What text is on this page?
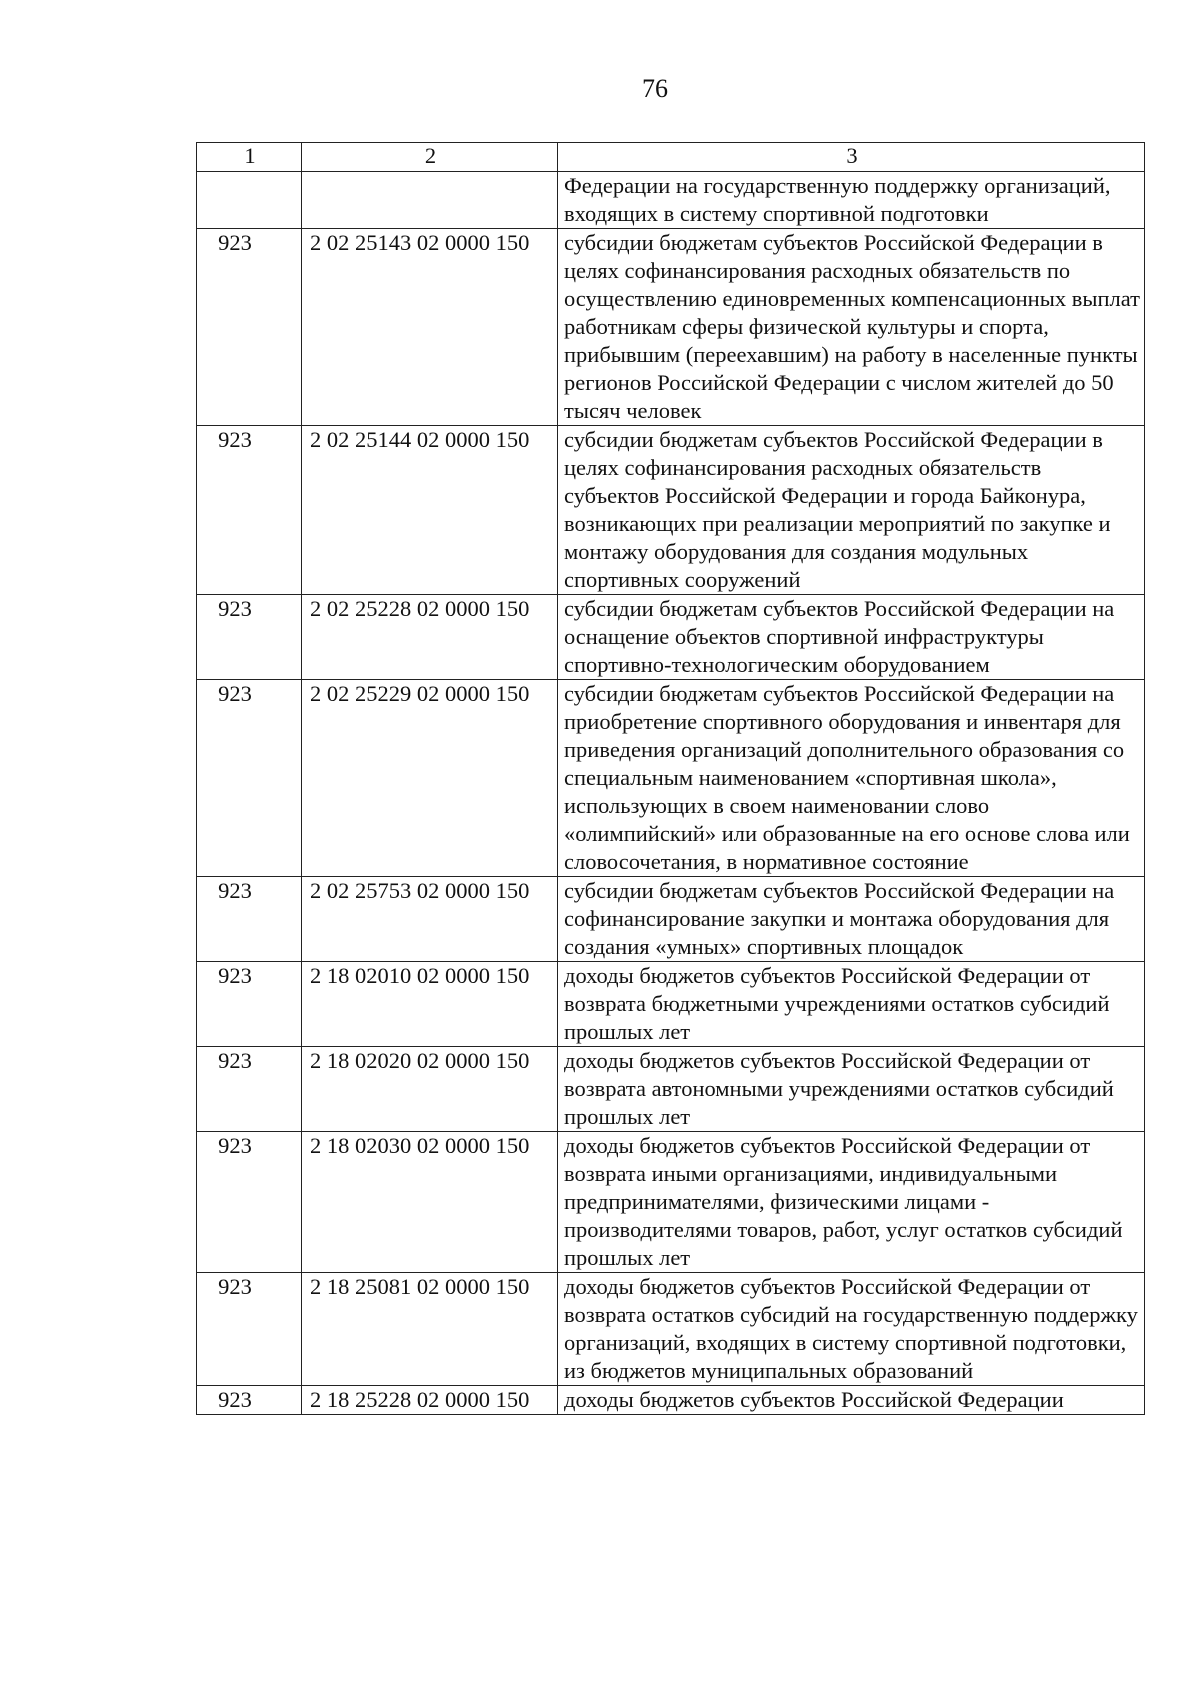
76
1	2	3
		Федерации на государственную поддержку организаций, входящих в систему спортивной подготовки
923	2 02 25143 02 0000 150	субсидии бюджетам субъектов Российской Федерации в целях софинансирования расходных обязательств по осуществлению единовременных компенсационных выплат работникам сферы физической культуры и спорта, прибывшим (переехавшим) на работу в населенные пункты регионов Российской Федерации с числом жителей до 50 тысяч человек
923	2 02 25144 02 0000 150	субсидии бюджетам субъектов Российской Федерации в целях софинансирования расходных обязательств субъектов Российской Федерации и города Байконура, возникающих при реализации мероприятий по закупке и монтажу оборудования для создания модульных спортивных сооружений
923	2 02 25228 02 0000 150	субсидии бюджетам субъектов Российской Федерации на оснащение объектов спортивной инфраструктуры спортивно-технологическим оборудованием
923	2 02 25229 02 0000 150	субсидии бюджетам субъектов Российской Федерации на приобретение спортивного оборудования и инвентаря для приведения организаций дополнительного образования со специальным наименованием «спортивная школа», использующих в своем наименовании слово «олимпийский» или образованные на его основе слова или словосочетания, в нормативное состояние
923	2 02 25753 02 0000 150	субсидии бюджетам субъектов Российской Федерации на софинансирование закупки и монтажа оборудования для создания «умных» спортивных площадок
923	2 18 02010 02 0000 150	доходы бюджетов субъектов Российской Федерации от возврата бюджетными учреждениями остатков субсидий прошлых лет
923	2 18 02020 02 0000 150	доходы бюджетов субъектов Российской Федерации от возврата автономными учреждениями остатков субсидий прошлых лет
923	2 18 02030 02 0000 150	доходы бюджетов субъектов Российской Федерации от возврата иными организациями, индивидуальными предпринимателями, физическими лицами - производителями товаров, работ, услуг остатков субсидий прошлых лет
923	2 18 25081 02 0000 150	доходы бюджетов субъектов Российской Федерации от возврата остатков субсидий на государственную поддержку организаций, входящих в систему спортивной подготовки, из бюджетов муниципальных образований
923	2 18 25228 02 0000 150	доходы бюджетов субъектов Российской Федерации
